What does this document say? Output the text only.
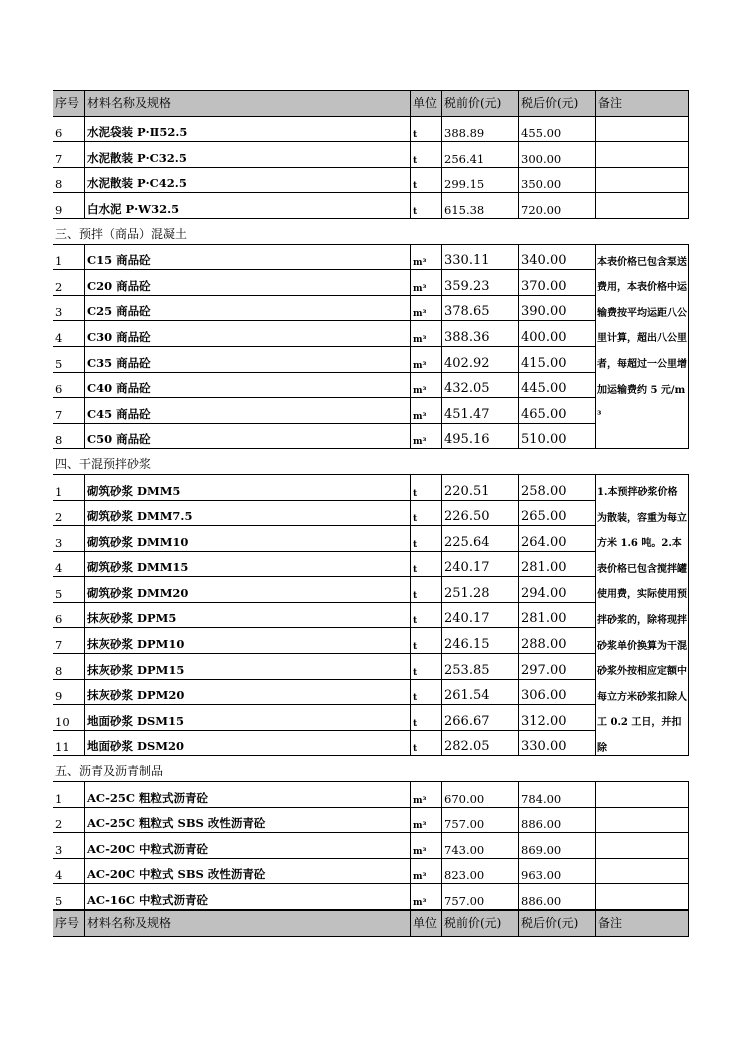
序号 材料名称及规格	单位 税前价(元)	税后价(元)	备注
6	水泥袋装 P·Ⅱ52.5	t	388.89	455.00
7	水泥散装 P·C32.5	t	256.41	300.00
8	水泥散装 P·C42.5	t	299.15	350.00
9	白水泥 P·W32.5	t	615.38	720.00
三、预拌（商品）混凝土
1	C15 商品砼	m³	330.11	340.00
2	C20 商品砼	m³	359.23	370.00
3	C25 商品砼	m³	378.65	390.00
4	C30 商品砼	m³	388.36	400.00
5	C35 商品砼	m³	402.92	415.00
6	C40 商品砼	m³	432.05	445.00
7	C45 商品砼	m³	451.47	465.00
8	C50 商品砼	m³	495.16	510.00
本表价格已包含泵送费用，本表价格中运输费按平均运距八公里计算，超出八公里者，每超过一公里增加运输费约 5 元/m³
四、干混预拌砂浆
1	砌筑砂浆 DMM5	t	220.51	258.00
2	砌筑砂浆 DMM7.5	t	226.50	265.00
3	砌筑砂浆 DMM10	t	225.64	264.00
4	砌筑砂浆 DMM15	t	240.17	281.00
5	砌筑砂浆 DMM20	t	251.28	294.00
6	抹灰砂浆 DPM5	t	240.17	281.00
7	抹灰砂浆 DPM10	t	246.15	288.00
8	抹灰砂浆 DPM15	t	253.85	297.00
9	抹灰砂浆 DPM20	t	261.54	306.00
10	地面砂浆 DSM15	t	266.67	312.00
11	地面砂浆 DSM20	t	282.05	330.00
1.本预拌砂浆价格为散装，容重为每立方米 1.6 吨。2.本表价格已包含搅拌罐使用费，实际使用预拌砂浆的，除将现拌砂浆单价换算为干混砂浆外按相应定额中每立方米砂浆扣除人工 0.2 工日，并扣除
五、沥青及沥青制品
1	AC-25C 粗粒式沥青砼	m³	670.00	784.00
2	AC-25C 粗粒式 SBS 改性沥青砼	m³	757.00	886.00
3	AC-20C 中粒式沥青砼	m³	743.00	869.00
4	AC-20C 中粒式 SBS 改性沥青砼	m³	823.00	963.00
5	AC-16C 中粒式沥青砼	m³	757.00	886.00
序号 材料名称及规格	单位 税前价(元)	税后价(元)	备注
